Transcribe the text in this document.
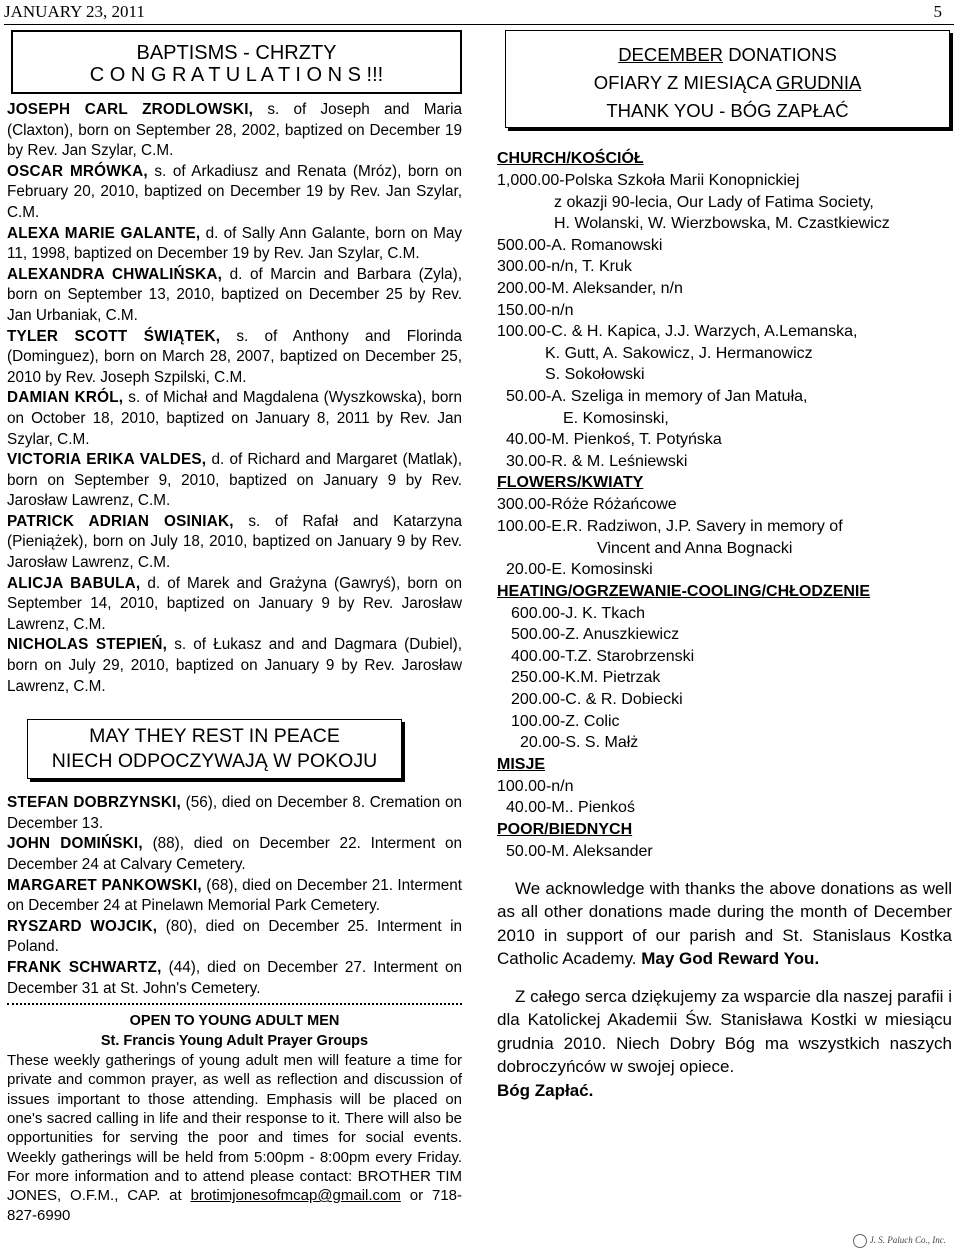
JANUARY 23, 2011	5
BAPTISMS - CHRZTY
C O N G R A T U L A T I O N S !!!
JOSEPH CARL ZRODLOWSKI, s. of Joseph and Maria (Claxton), born on September 28, 2002, baptized on December 19 by Rev. Jan Szylar, C.M.
OSCAR MRÓWKA, s. of Arkadiusz and Renata (Mróz), born on February 20, 2010, baptized on December 19 by Rev. Jan Szylar, C.M.
ALEXA MARIE GALANTE, d. of Sally Ann Galante, born on May 11, 1998, baptized on December 19 by Rev. Jan Szylar, C.M.
ALEXANDRA CHWALIŃSKA, d. of Marcin and Barbara (Zyla), born on September 13, 2010, baptized on December 25 by Rev. Jan Urbaniak, C.M.
TYLER SCOTT ŚWIĄTEK, s. of Anthony and Florinda (Dominguez), born on March 28, 2007, baptized on December 25, 2010 by Rev. Joseph Szpilski, C.M.
DAMIAN KRÓL, s. of Michał and Magdalena (Wyszkowska), born on October 18, 2010, baptized on January 8, 2011 by Rev. Jan Szylar, C.M.
VICTORIA ERIKA VALDES, d. of Richard and Margaret (Matlak), born on September 9, 2010, baptized on January 9 by Rev. Jarosław Lawrenz, C.M.
PATRICK ADRIAN OSINIAK, s. of Rafał and Katarzyna (Pieniążek), born on July 18, 2010, baptized on January 9 by Rev. Jarosław Lawrenz, C.M.
ALICJA BABULA, d. of Marek and Grażyna (Gawryś), born on September 14, 2010, baptized on January 9 by Rev. Jarosław Lawrenz, C.M.
NICHOLAS STEPIEŃ, s. of Łukasz and and Dagmara (Dubiel), born on July 29, 2010, baptized on January 9 by Rev. Jarosław Lawrenz, C.M.
MAY THEY REST IN PEACE
NIECH ODPOCZYWAJĄ W POKOJU
STEFAN DOBRZYNSKI, (56), died on December 8. Cremation on December 13.
JOHN DOMIŃSKI, (88), died on December 22. Interment on December 24 at Calvary Cemetery.
MARGARET PANKOWSKI, (68), died on December 21. Interment on December 24 at Pinelawn Memorial Park Cemetery.
RYSZARD WOJCIK, (80), died on December 25. Interment in Poland.
FRANK SCHWARTZ, (44), died on December 27. Interment on December 31 at St. John's Cemetery.
OPEN TO YOUNG ADULT MEN
St. Francis Young Adult Prayer Groups
These weekly gatherings of young adult men will feature a time for private and common prayer, as well as reflection and discussion of issues important to those attending. Emphasis will be placed on one's sacred calling in life and their response to it. There will also be opportunities for serving the poor and times for social events. Weekly gatherings will be held from 5:00pm - 8:00pm every Friday. For more information and to attend please contact: BROTHER TIM JONES, O.F.M., CAP. at brotimjonesofmcap@gmail.com or 718-827-6990
DECEMBER DONATIONS
OFIARY Z MIESIĄCA GRUDNIA
THANK YOU - BÓG ZAPŁAĆ
CHURCH/KOŚCIÓŁ
1,000.00-Polska Szkoła Marii Konopnickiej
z okazji 90-lecia, Our Lady of Fatima Society,
H. Wolanski, W. Wierzbowska, M. Czastkiewicz
500.00-A. Romanowski
300.00-n/n, T. Kruk
200.00-M. Aleksander, n/n
150.00-n/n
100.00-C. & H. Kapica, J.J. Warzych, A.Lemanska,
K. Gutt, A. Sakowicz, J. Hermanowicz
S. Sokołowski
50.00-A. Szeliga in memory of Jan Matuła,
E. Komosinski,
40.00-M. Pienkoś, T. Potyńska
30.00-R. & M. Leśniewski
FLOWERS/KWIATY
300.00-Róże Różańcowe
100.00-E.R. Radziwon, J.P. Savery in memory of
Vincent and Anna Bognacki
20.00-E. Komosinski
HEATING/OGRZEWANIE-COOLING/CHŁODZENIE
600.00-J. K. Tkach
500.00-Z. Anuszkiewicz
400.00-T.Z. Starobrzenski
250.00-K.M. Pietrzak
200.00-C. & R. Dobiecki
100.00-Z. Colic
20.00-S. S. Małż
MISJE
100.00-n/n
40.00-M.. Pienkoś
POOR/BIEDNYCH
50.00-M. Aleksander
We acknowledge with thanks the above donations as well as all other donations made during the month of December 2010 in support of our parish and St. Stanislaus Kostka Catholic Academy. May God Reward You.
Z całego serca dziękujemy za wsparcie dla naszej parafii i dla Katolickej Akademii Św. Stanisława Kostki w miesiącu grudnia 2010. Niech Dobry Bóg ma wszystkich naszych dobroczyńców w swojej opiece.
Bóg Zapłać.
J. S. Paluch Co., Inc.
